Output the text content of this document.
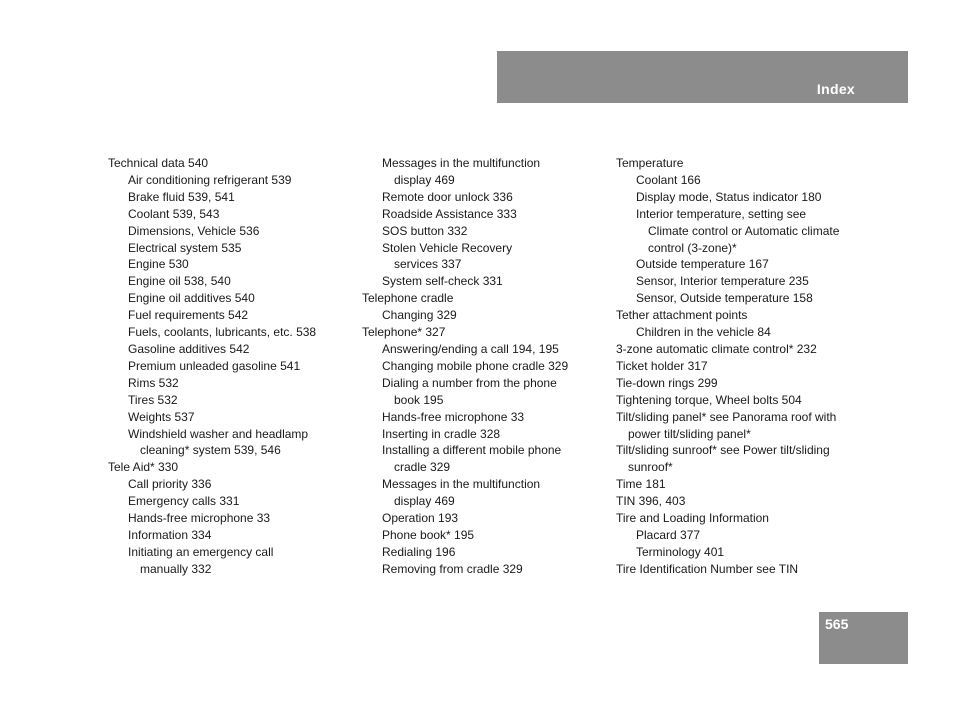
Index
Technical data 540
Air conditioning refrigerant 539
Brake fluid 539, 541
Coolant 539, 543
Dimensions, Vehicle 536
Electrical system 535
Engine 530
Engine oil 538, 540
Engine oil additives 540
Fuel requirements 542
Fuels, coolants, lubricants, etc. 538
Gasoline additives 542
Premium unleaded gasoline 541
Rims 532
Tires 532
Weights 537
Windshield washer and headlamp
cleaning* system 539, 546
Tele Aid* 330
Call priority 336
Emergency calls 331
Hands-free microphone 33
Information 334
Initiating an emergency call
manually 332
Messages in the multifunction
display 469
Remote door unlock 336
Roadside Assistance 333
SOS button 332
Stolen Vehicle Recovery
services 337
System self-check 331
Telephone cradle
Changing 329
Telephone* 327
Answering/ending a call 194, 195
Changing mobile phone cradle 329
Dialing a number from the phone
book 195
Hands-free microphone 33
Inserting in cradle 328
Installing a different mobile phone
cradle 329
Messages in the multifunction
display 469
Operation 193
Phone book* 195
Redialing 196
Removing from cradle 329
Temperature
Coolant 166
Display mode, Status indicator 180
Interior temperature, setting see
Climate control or Automatic climate
control (3-zone)*
Outside temperature 167
Sensor, Interior temperature 235
Sensor, Outside temperature 158
Tether attachment points
Children in the vehicle 84
3-zone automatic climate control* 232
Ticket holder 317
Tie-down rings 299
Tightening torque, Wheel bolts 504
Tilt/sliding panel* see Panorama roof with
power tilt/sliding panel*
Tilt/sliding sunroof* see Power tilt/sliding
sunroof*
Time 181
TIN 396, 403
Tire and Loading Information
Placard 377
Terminology 401
Tire Identification Number see TIN
565
